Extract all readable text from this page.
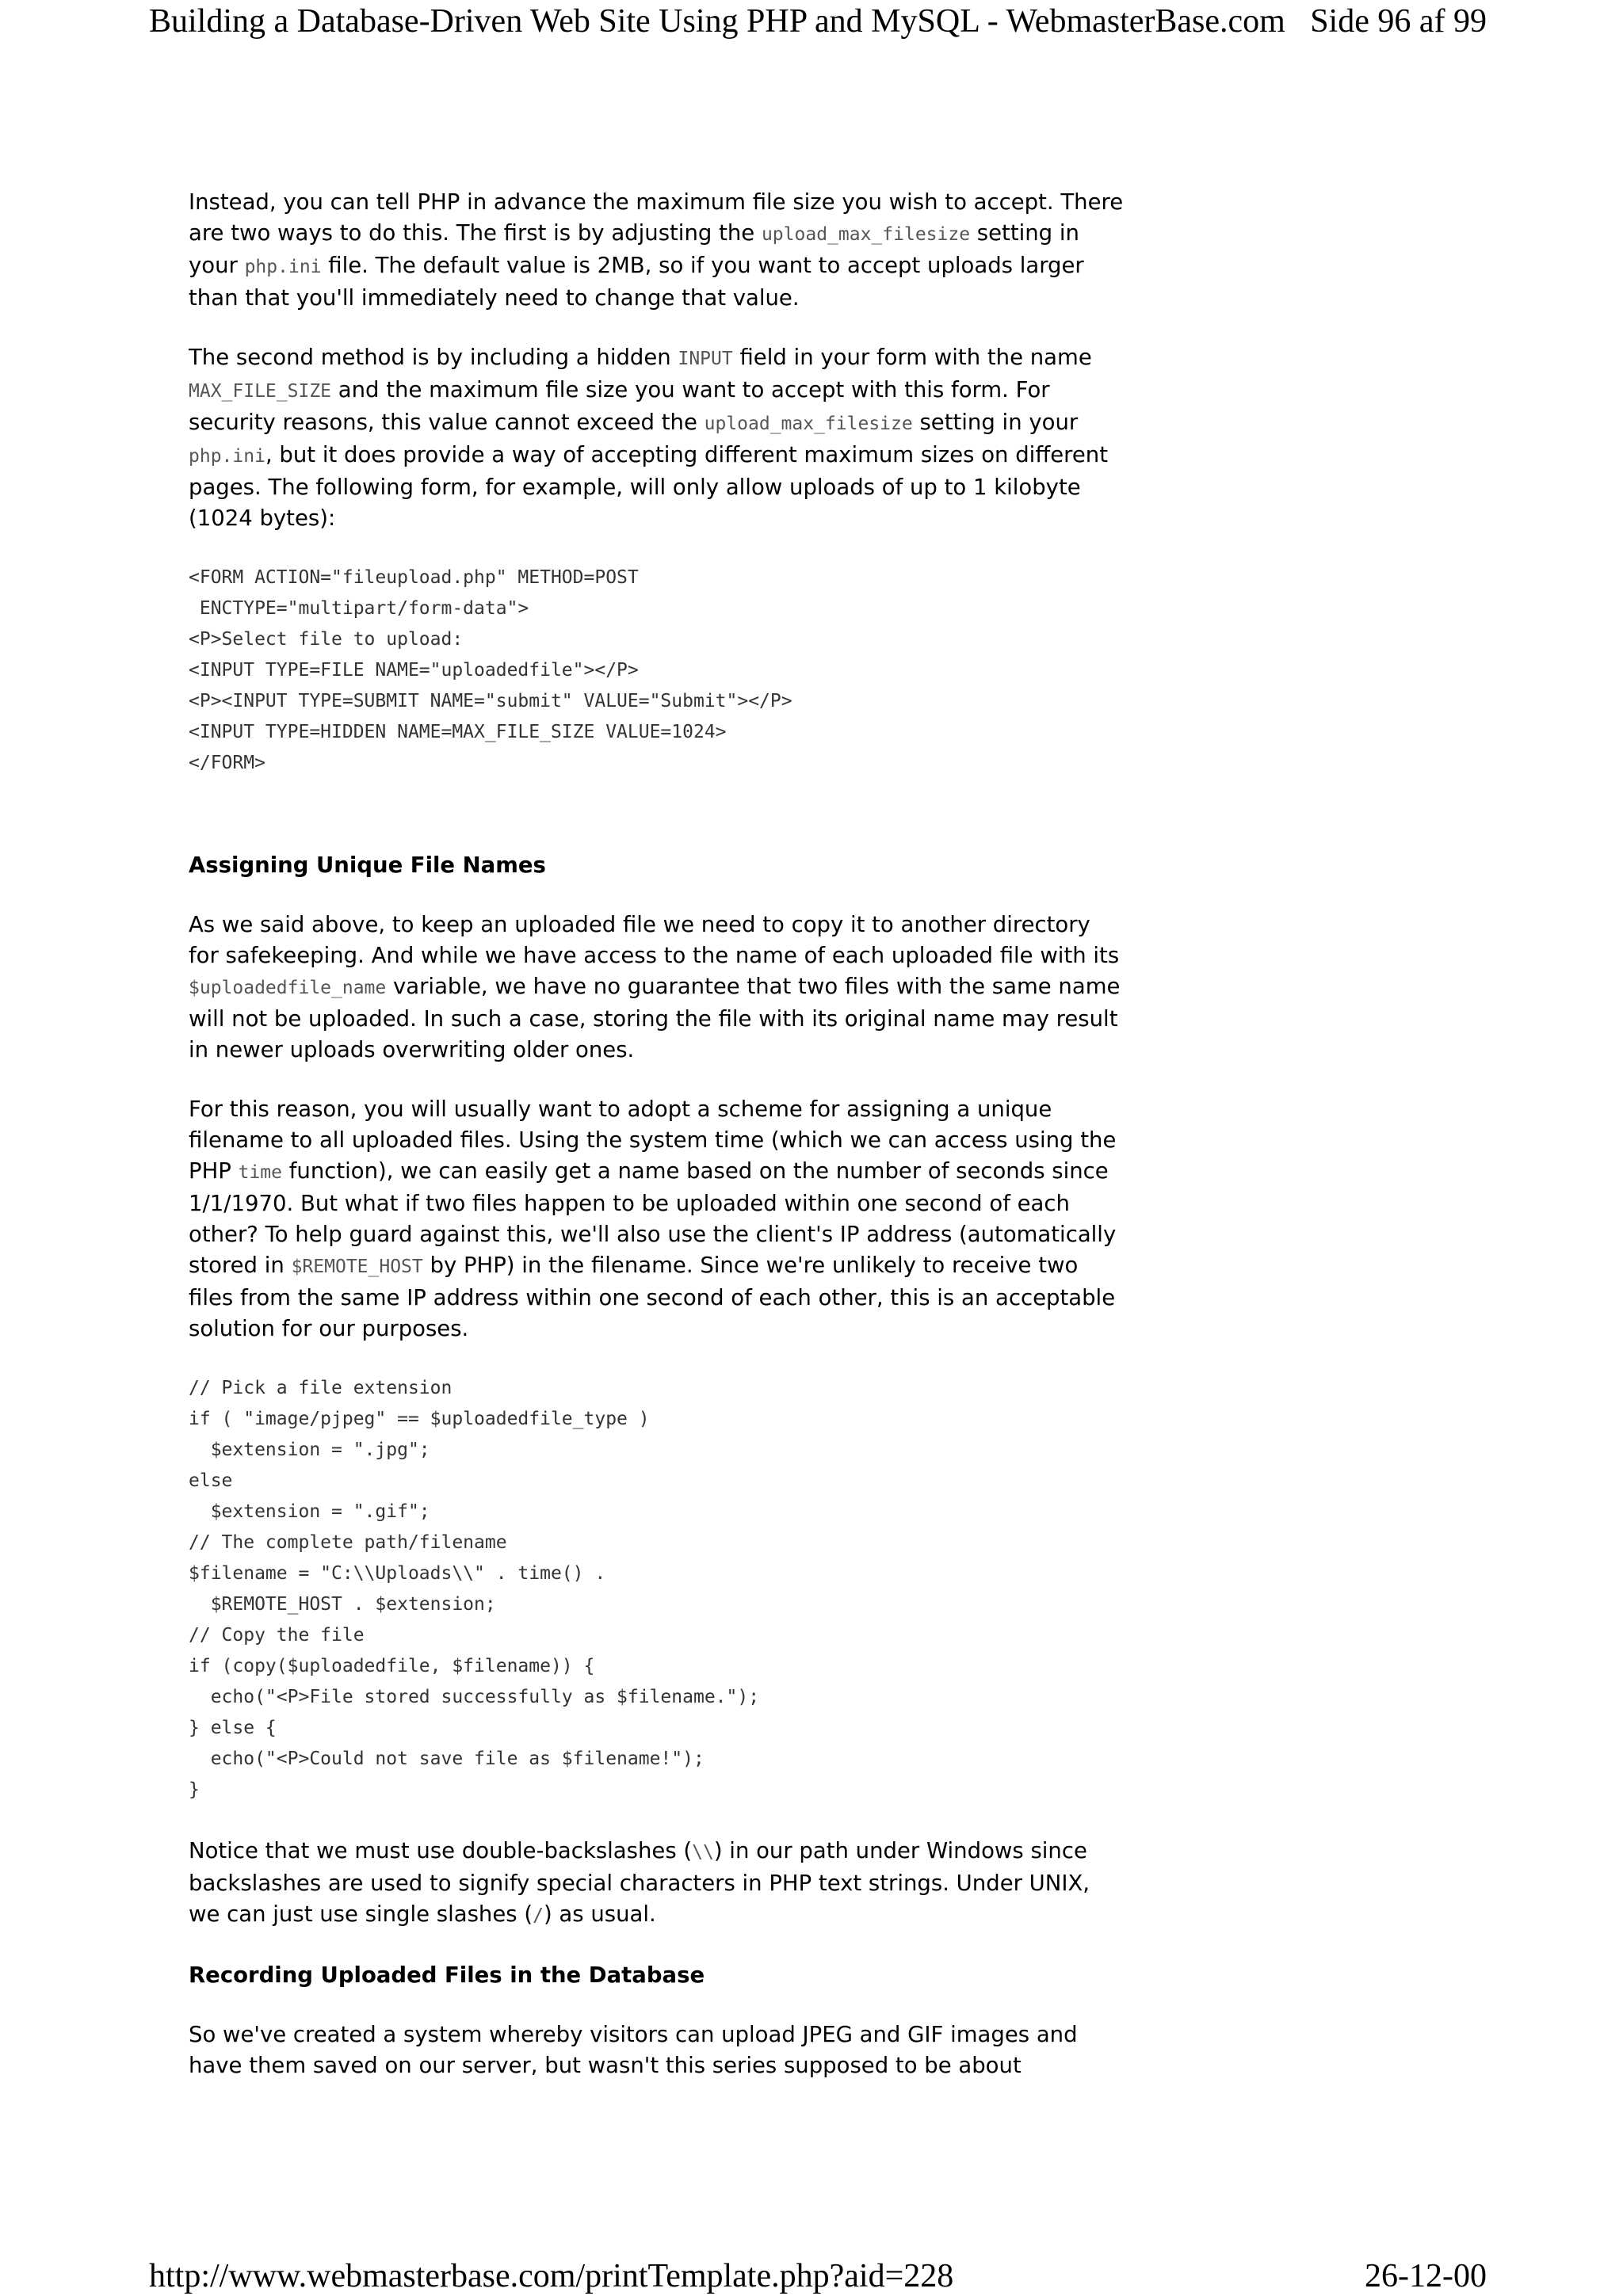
Building a Database-Driven Web Site Using PHP and MySQL - WebmasterBase.com Side 96 af 99

Instead, you can tell PHP in advance the maximum file size you wish to accept. There are two ways to do this. The first is by adjusting the upload_max_filesize setting in your php.ini file. The default value is 2MB, so if you want to accept uploads larger than that you'll immediately need to change that value.

The second method is by including a hidden INPUT field in your form with the name MAX_FILE_SIZE and the maximum file size you want to accept with this form. For security reasons, this value cannot exceed the upload_max_filesize setting in your php.ini, but it does provide a way of accepting different maximum sizes on different pages. The following form, for example, will only allow uploads of up to 1 kilobyte (1024 bytes):

<FORM ACTION="fileupload.php" METHOD=POST
ENCTYPE="multipart/form-data">
<P>Select file to upload:
<INPUT TYPE=FILE NAME="uploadedfile"></P>
<P><INPUT TYPE=SUBMIT NAME="submit" VALUE="Submit"></P>
<INPUT TYPE=HIDDEN NAME=MAX_FILE_SIZE VALUE=1024>
</FORM>
Assigning Unique File Names

As we said above, to keep an uploaded file we need to copy it to another directory for safekeeping. And while we have access to the name of each uploaded file with its $uploadedfile_name variable, we have no guarantee that two files with the same name will not be uploaded. In such a case, storing the file with its original name may result in newer uploads overwriting older ones.

For this reason, you will usually want to adopt a scheme for assigning a unique filename to all uploaded files. Using the system time (which we can access using the PHP time function), we can easily get a name based on the number of seconds since 1/1/1970. But what if two files happen to be uploaded within one second of each other? To help guard against this, we'll also use the client's IP address (automatically stored in $REMOTE_HOST by PHP) in the filename. Since we're unlikely to receive two files from the same IP address within one second of each other, this is an acceptable solution for our purposes.

// Pick a file extension
if ( "image/pjpeg" == $uploadedfile_type )
$extension = ".jpg";
else
$extension = ".gif";
// The complete path/filename
$filename = "C:\\Uploads\\" . time() .
$REMOTE_HOST . $extension;
// Copy the file
if (copy($uploadedfile, $filename)) {
echo("<P>File stored successfully as $filename.");
} else {
echo("<P>Could not save file as $filename!");
}

Notice that we must use double-backslashes (\\) in our path under Windows since backslashes are used to signify special characters in PHP text strings. Under UNIX, we can just use single slashes (/) as usual.

Recording Uploaded Files in the Database

So we've created a system whereby visitors can upload JPEG and GIF images and have them saved on our server, but wasn't this series supposed to be about

http://www.webmasterbase.com/printTemplate.php?aid=228	26-12-00
